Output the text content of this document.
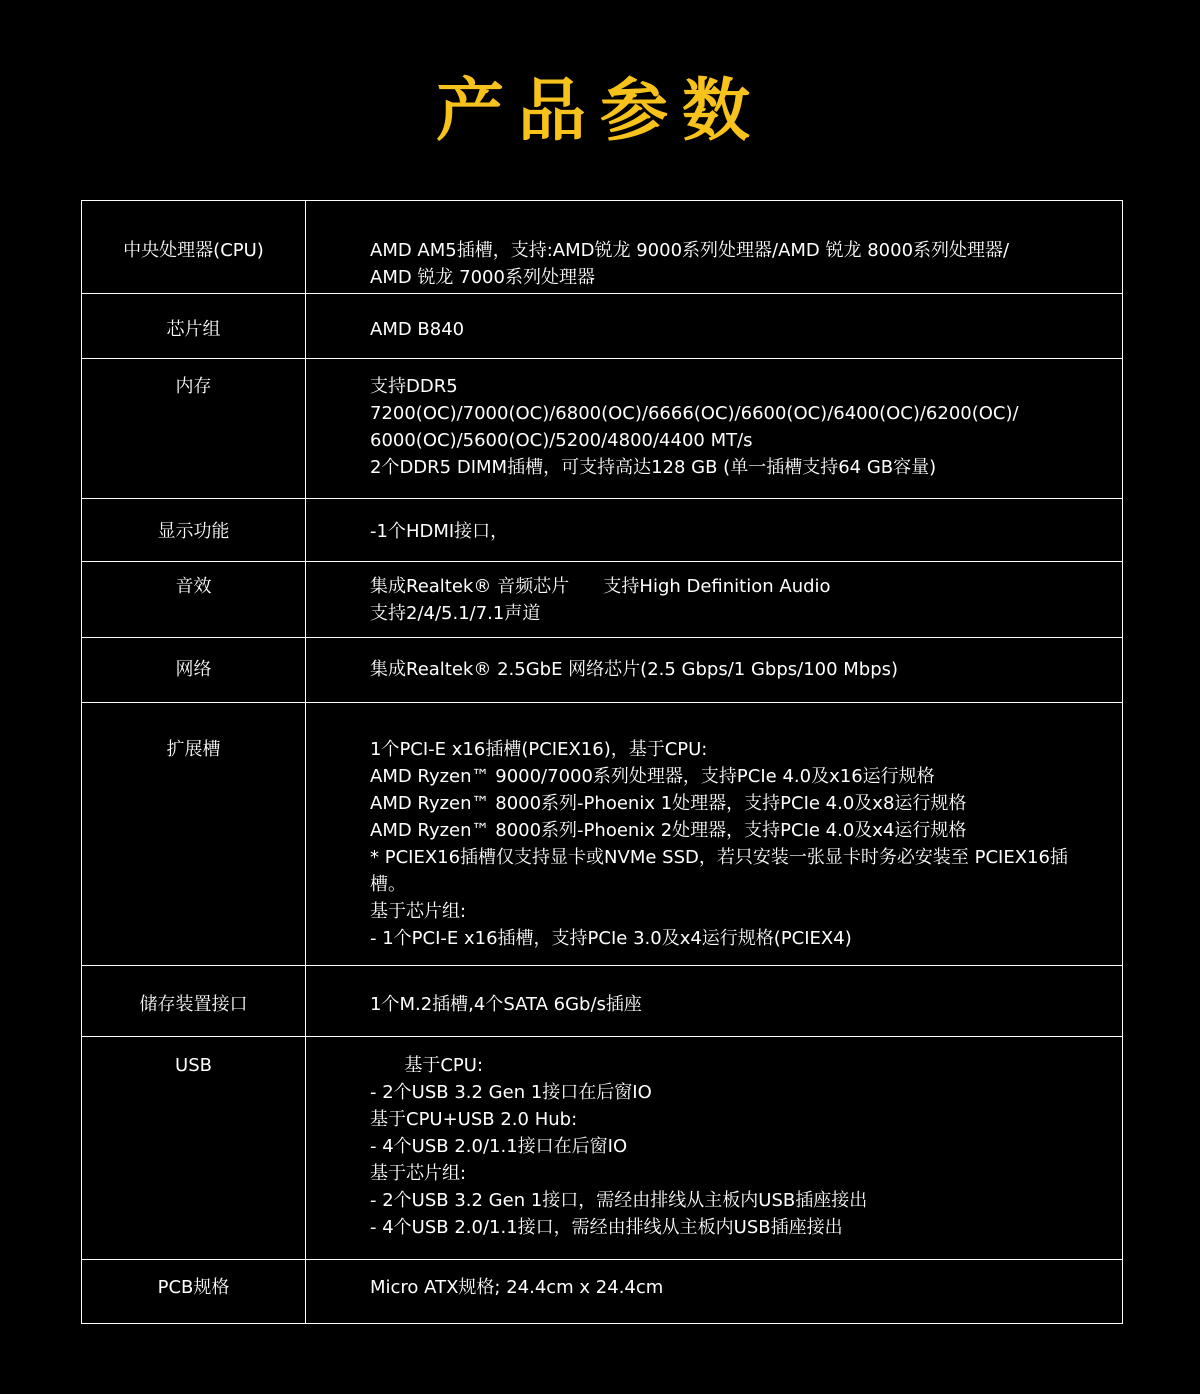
产品参数
中央处理器(CPU)	AMD AM5插槽，支持:AMD锐龙 9000系列处理器/AMD 锐龙 8000系列处理器/
AMD 锐龙 7000系列处理器
芯片组	AMD B840
内存	支持DDR5
7200(OC)/7000(OC)/6800(OC)/6666(OC)/6600(OC)/6400(OC)/6200(OC)/
6000(OC)/5600(OC)/5200/4800/4400 MT/s
2个DDR5 DIMM插槽，可支持高达128 GB (单一插槽支持64 GB容量)
显示功能	-1个HDMI接口，
音效	集成Realtek® 音频芯片      支持High Definition Audio
支持2/4/5.1/7.1声道
网络	集成Realtek® 2.5GbE 网络芯片(2.5 Gbps/1 Gbps/100 Mbps)
扩展槽	1个PCI-E x16插槽(PCIEX16)，基于CPU:
AMD Ryzen™ 9000/7000系列处理器，支持PCIe 4.0及x16运行规格
AMD Ryzen™ 8000系列-Phoenix 1处理器，支持PCIe 4.0及x8运行规格
AMD Ryzen™ 8000系列-Phoenix 2处理器，支持PCIe 4.0及x4运行规格
* PCIEX16插槽仅支持显卡或NVMe SSD，若只安装一张显卡时务必安装至 PCIEX16插
槽。
基于芯片组:
- 1个PCI-E x16插槽，支持PCIe 3.0及x4运行规格(PCIEX4)
储存装置接口	1个M.2插槽,4个SATA 6Gb/s插座
USB	基于CPU:
- 2个USB 3.2 Gen 1接口在后窗IO
基于CPU+USB 2.0 Hub:
- 4个USB 2.0/1.1接口在后窗IO
基于芯片组:
- 2个USB 3.2 Gen 1接口，需经由排线从主板内USB插座接出
- 4个USB 2.0/1.1接口，需经由排线从主板内USB插座接出
PCB规格	Micro ATX规格; 24.4cm x 24.4cm
